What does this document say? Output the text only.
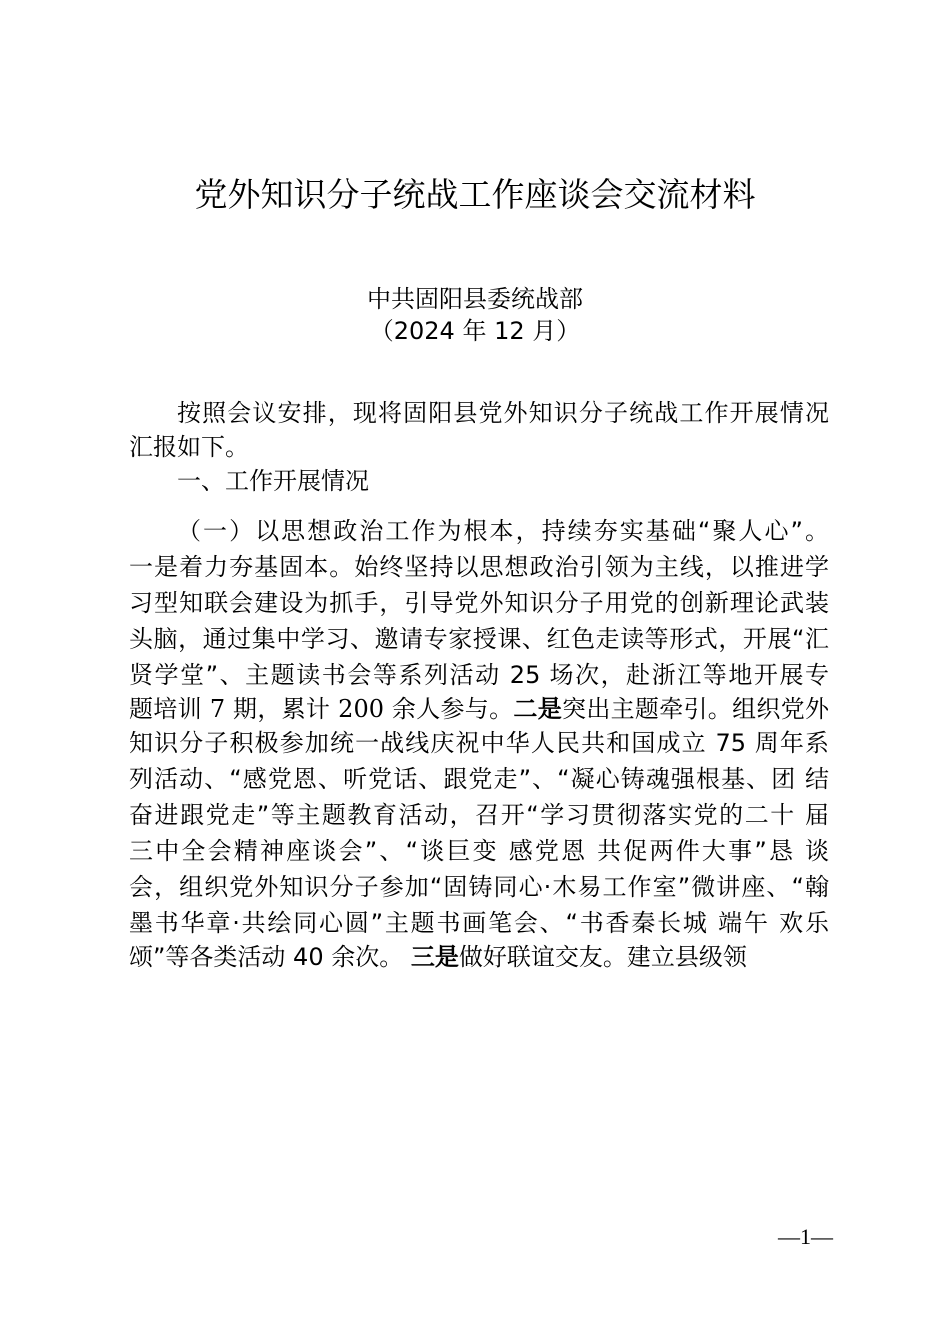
党外知识分子统战工作座谈会交流材料
中共固阳县委统战部
（2024 年 12 月）
按照会议安排，现将固阳县党外知识分子统战工作开展情况
汇报如下。
一、工作开展情况
（一）以思想政治工作为根本，持续夯实基础“聚人心”。
一是着力夯基固本。始终坚持以思想政治引领为主线，以推进学
习型知联会建设为抓手，引导党外知识分子用党的创新理论武装
头脑，通过集中学习、邀请专家授课、红色走读等形式，开展“汇
贤学堂”、主题读书会等系列活动 25 场次，赴浙江等地开展专
题培训 7 期，累计 200 余人参与。二是突出主题牵引。组织党外
知识分子积极参加统一战线庆祝中华人民共和国成立 75 周年系
列活动、“感党恩、听党话、跟党走”、“凝心铸魂强根基、团 结
奋进跟党走”等主题教育活动，召开“学习贯彻落实党的二十 届
三中全会精神座谈会”、“谈巨变 感党恩 共促两件大事”恳 谈
会，组织党外知识分子参加“固铸同心·木易工作室”微讲座、“翰
墨书华章·共绘同心圆”主题书画笔会、“书香秦长城 端午 欢乐
颂”等各类活动 40 余次。 三是做好联谊交友。建立县级领
—1—
